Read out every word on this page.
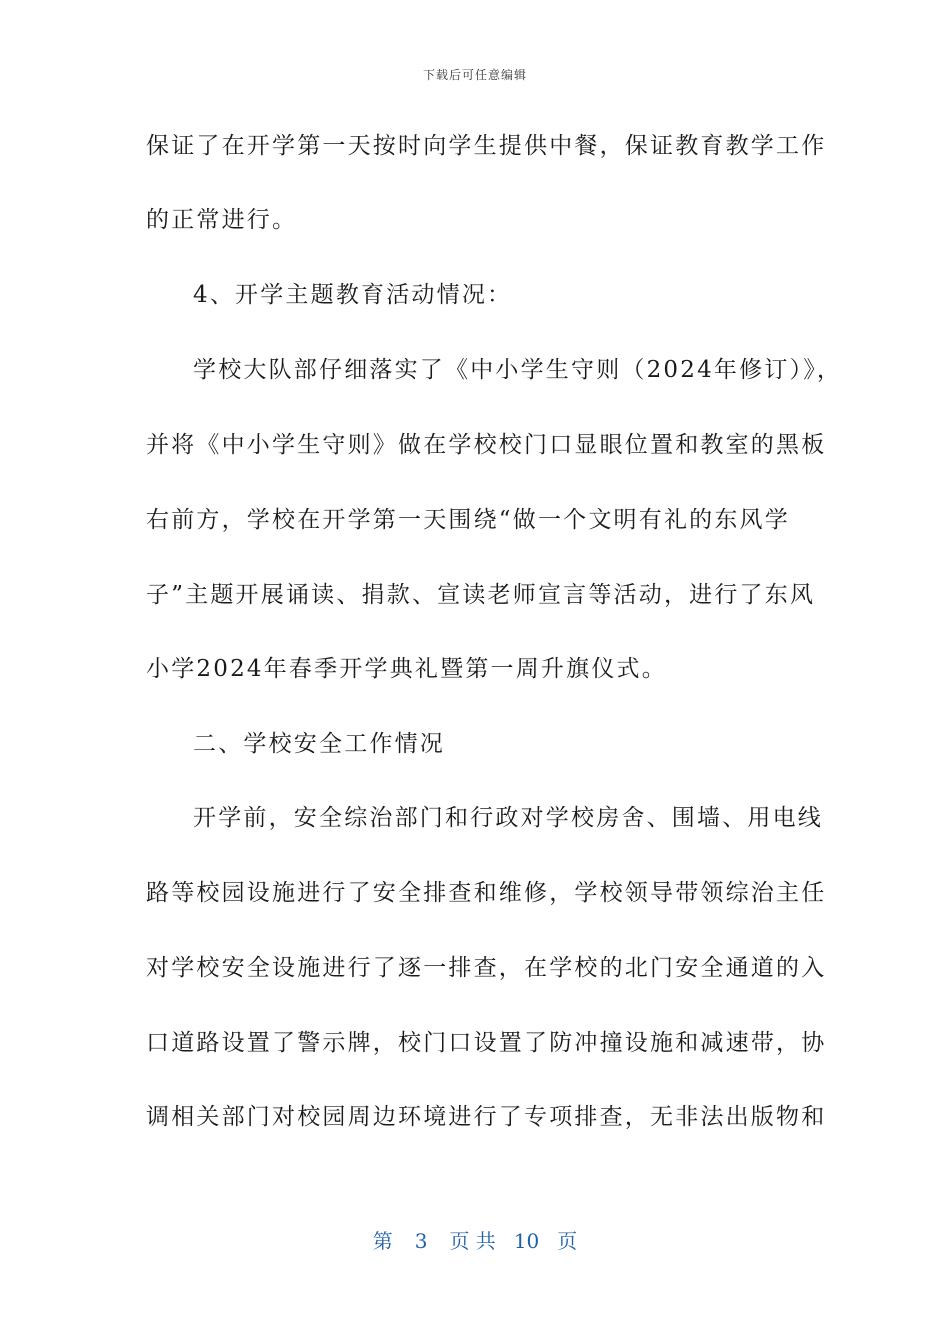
下载后可任意编辑
保证了在开学第一天按时向学生提供中餐，保证教育教学工作
的正常进行。
4、开学主题教育活动情况：
学校大队部仔细落实了《中小学生守则（2024年修订）》，
并将《中小学生守则》做在学校校门口显眼位置和教室的黑板
右前方，学校在开学第一天围绕“做一个文明有礼的东风学
子”主题开展诵读、捐款、宣读老师宣言等活动，进行了东风
小学2024年春季开学典礼暨第一周升旗仪式。
二、学校安全工作情况
开学前，安全综治部门和行政对学校房舍、围墙、用电线
路等校园设施进行了安全排查和维修，学校领导带领综治主任
对学校安全设施进行了逐一排查，在学校的北门安全通道的入
口道路设置了警示牌，校门口设置了防冲撞设施和减速带，协
调相关部门对校园周边环境进行了专项排查，无非法出版物和
第 3 页 共 10 页
